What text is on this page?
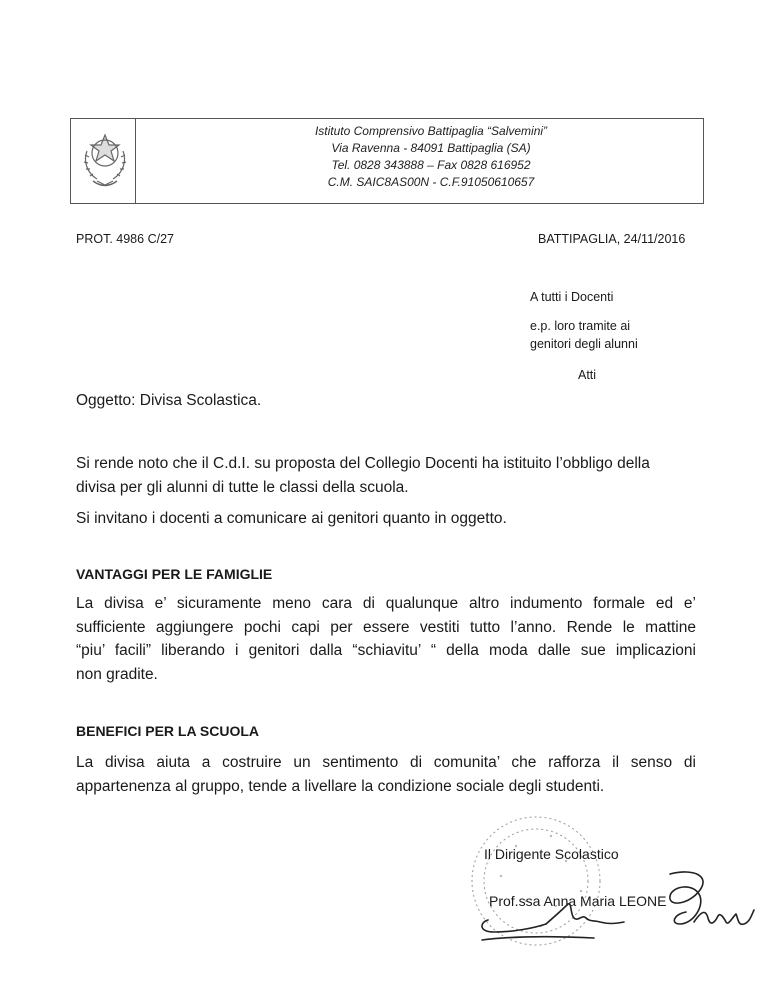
Istituto Comprensivo Battipaglia “Salvemini”
Via Ravenna - 84091 Battipaglia (SA)
Tel. 0828 343888 – Fax 0828 616952
C.M. SAIC8AS00N - C.F.91050610657
PROT. 4986 C/27	BATTIPAGLIA, 24/11/2016
A tutti i Docenti
e.p. loro tramite ai
genitori degli alunni
Atti
Oggetto: Divisa Scolastica.
Si rende noto che il C.d.I. su proposta del Collegio Docenti ha istituito l’obbligo della
divisa per gli alunni di tutte le classi della scuola.
Si invitano i docenti a comunicare ai genitori quanto in oggetto.
VANTAGGI PER LE FAMIGLIE
La divisa e’ sicuramente meno cara di qualunque altro indumento formale ed e’
sufficiente aggiungere pochi capi per essere vestiti tutto l’anno. Rende le mattine
“piu’ facili” liberando i genitori dalla “schiavitu’ “ della moda dalle sue implicazioni
non gradite.
BENEFICI PER LA SCUOLA
La divisa aiuta a costruire un sentimento di comunita’ che rafforza il senso di
appartenenza al gruppo, tende a livellare la condizione sociale degli studenti.
Il Dirigente Scolastico
Prof.ssa Anna Maria LEONE
